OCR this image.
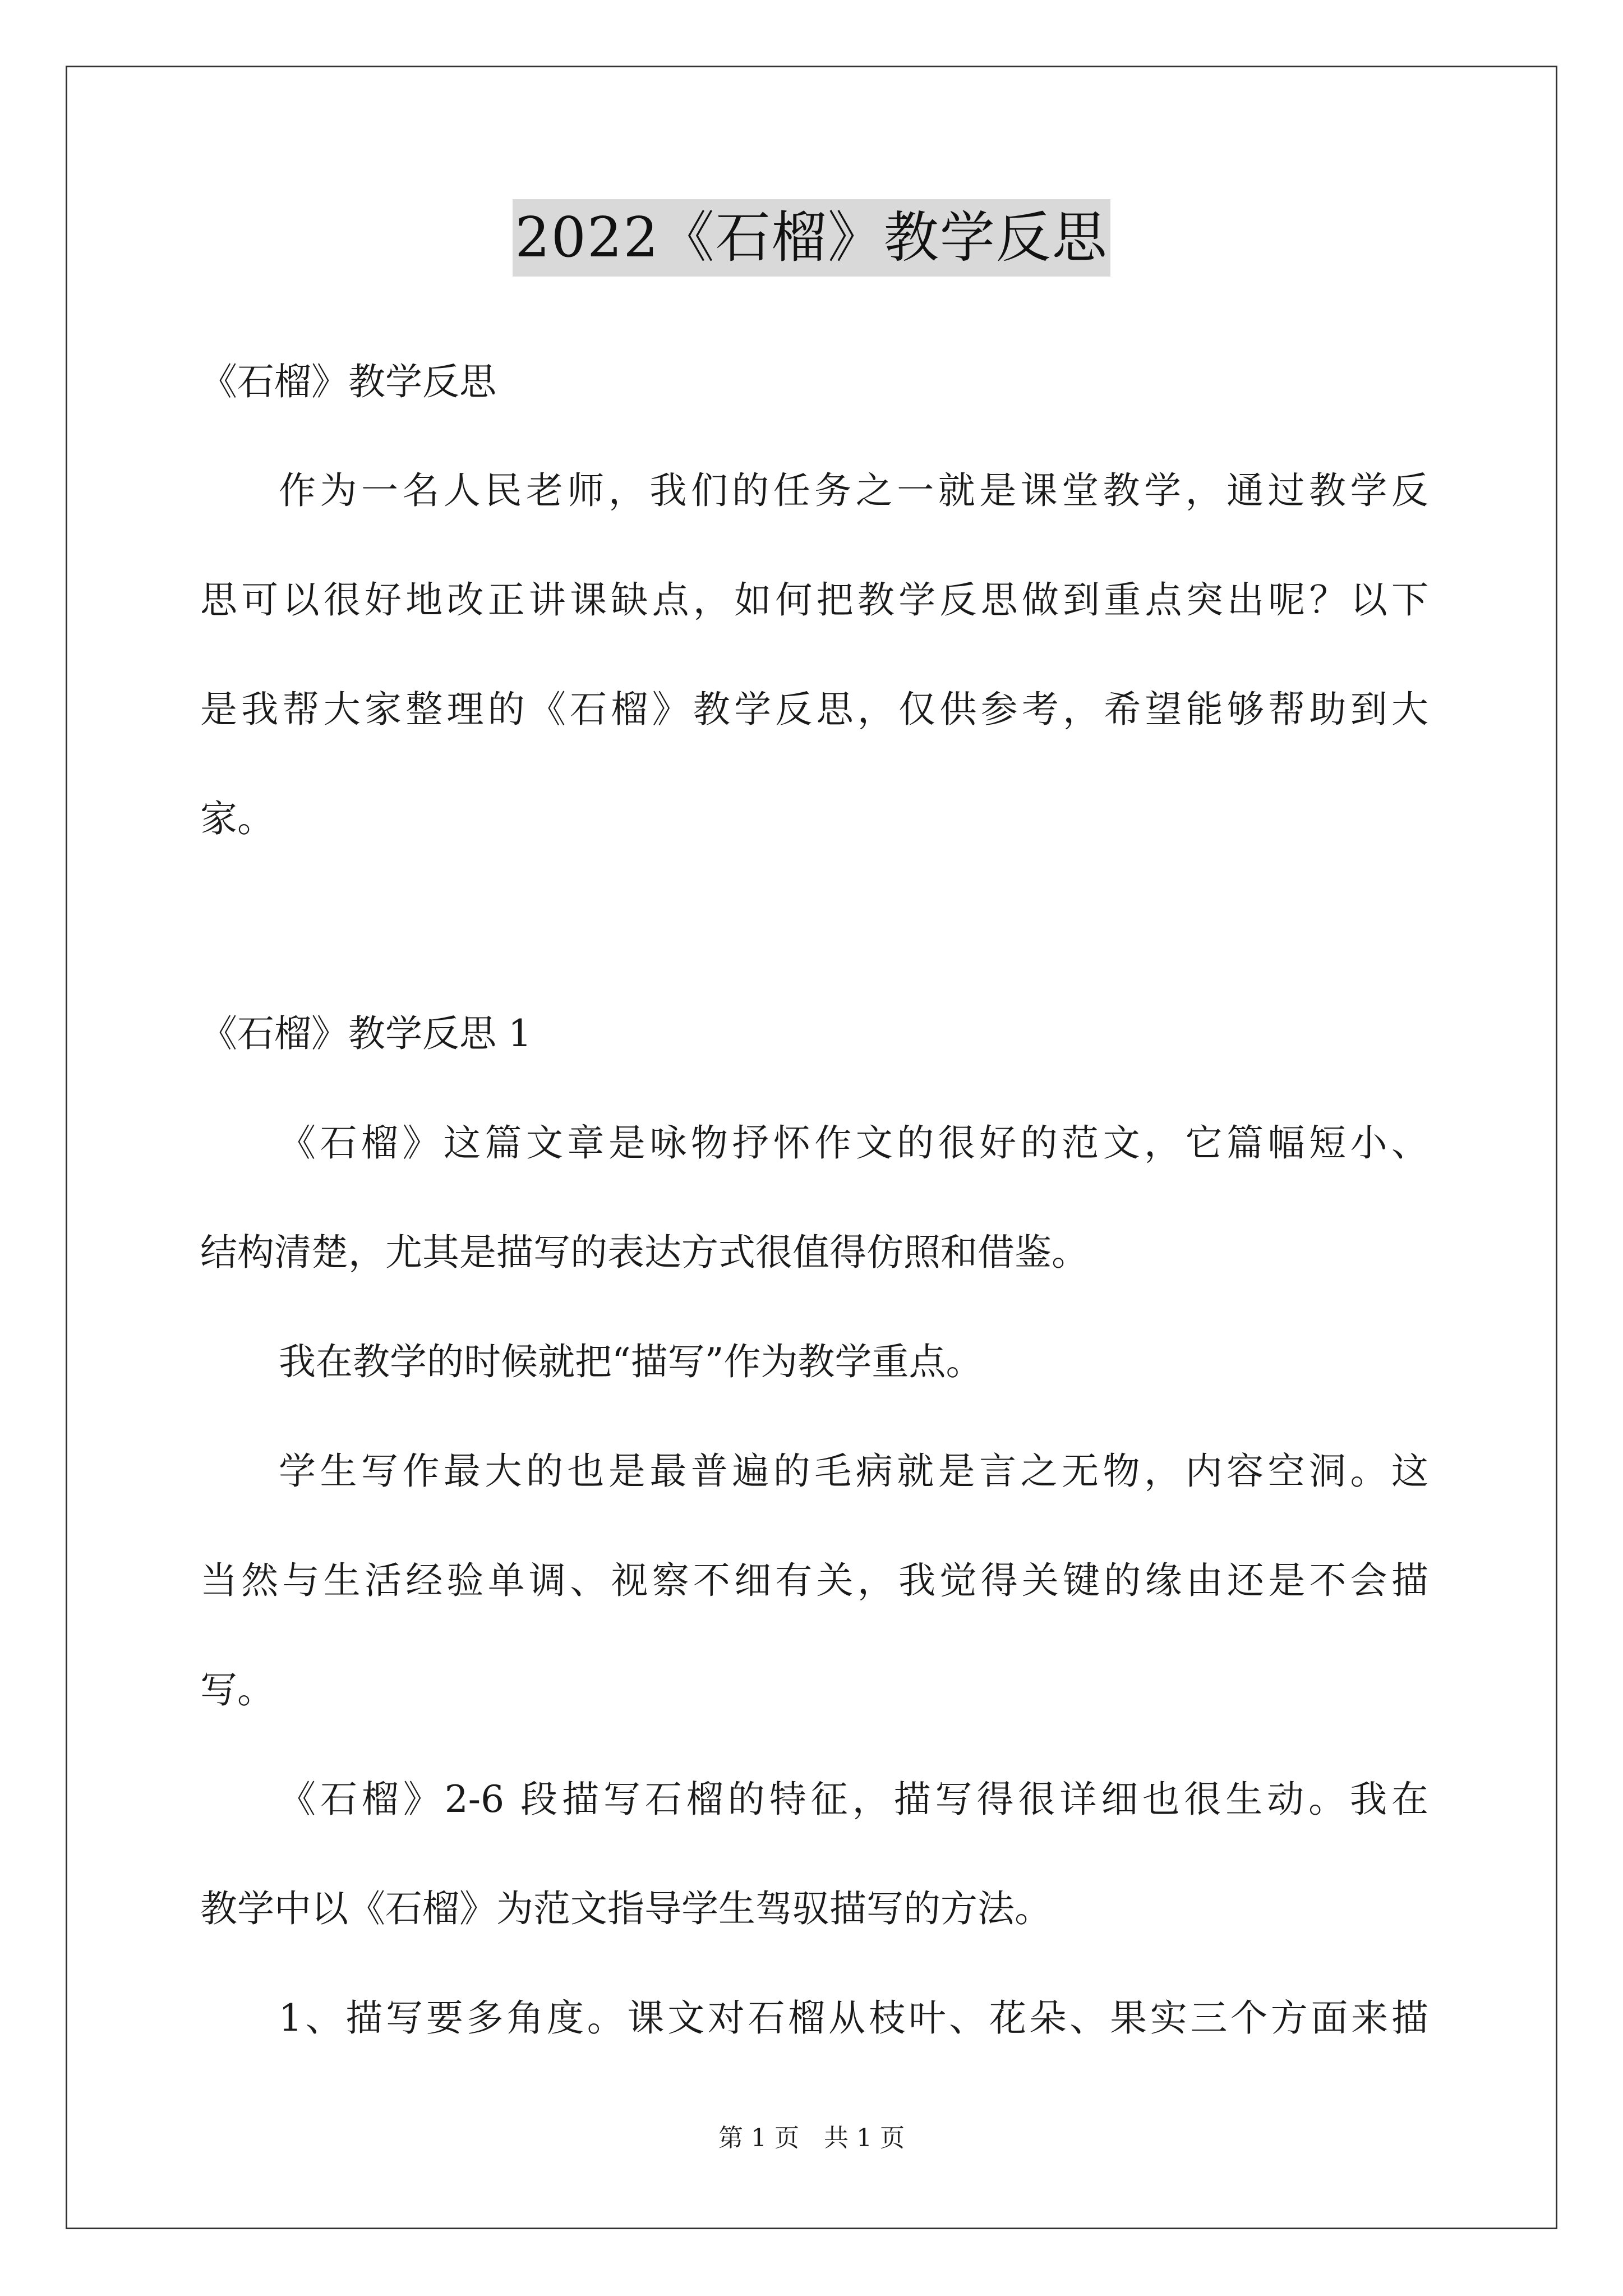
2022《石榴》教学反思
《石榴》教学反思
作为一名人民老师，我们的任务之一就是课堂教学，通过教学反
思可以很好地改正讲课缺点，如何把教学反思做到重点突出呢？以下
是我帮大家整理的《石榴》教学反思，仅供参考，希望能够帮助到大
家。
《石榴》教学反思 1
《石榴》这篇文章是咏物抒怀作文的很好的范文，它篇幅短小、
结构清楚，尤其是描写的表达方式很值得仿照和借鉴。
我在教学的时候就把“描写”作为教学重点。
学生写作最大的也是最普遍的毛病就是言之无物，内容空洞。这
当然与生活经验单调、视察不细有关，我觉得关键的缘由还是不会描
写。
《石榴》2-6 段描写石榴的特征，描写得很详细也很生动。我在
教学中以《石榴》为范文指导学生驾驭描写的方法。
1、描写要多角度。课文对石榴从枝叶、花朵、果实三个方面来描
第 1 页　共 1 页
